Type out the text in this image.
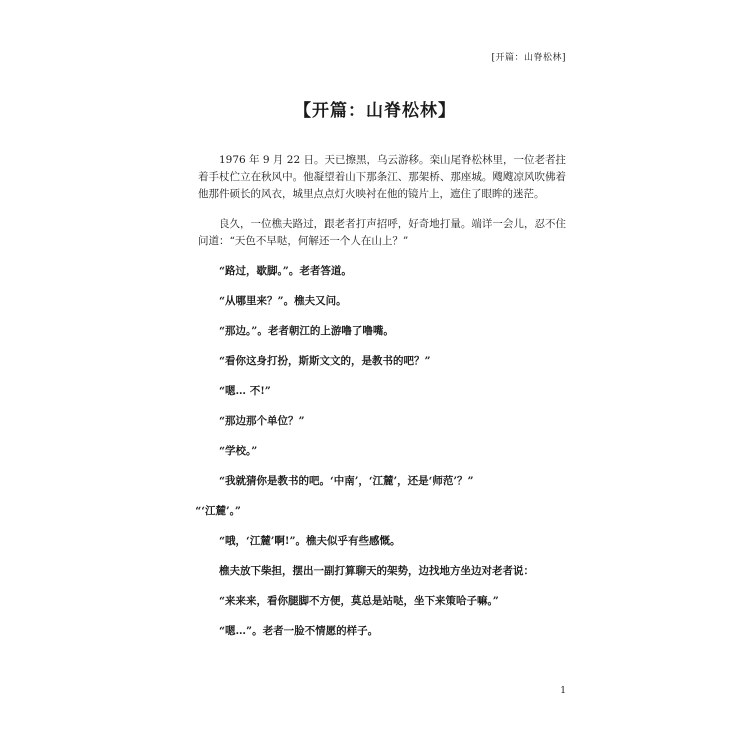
[开篇：山脊松林]
【开篇：山脊松林】

1976 年 9 月 22 日。天已擦黑，乌云游移。栾山尾脊松林里，一位老者拄着手杖伫立在秋风中。他凝望着山下那条江、那架桥、那座城。飕飕凉风吹佛着他那件硕长的风衣，城里点点灯火映衬在他的镜片上，遮住了眼眸的迷茫。

良久，一位樵夫路过，跟老者打声招呼，好奇地打量。端详一会儿，忍不住问道：“天色不早哒，何解还一个人在山上？”

“路过，歇脚。”。老者答道。

“从哪里来？”。樵夫又问。

“那边。”。老者朝江的上游噜了噜嘴。

“看你这身打扮，斯斯文文的，是教书的吧？”

“嗯… 不!”

“那边那个单位？”

“学校。”

“我就猜你是教书的吧。‘中南’，‘江麓’，还是‘师范’？”

“‘江麓’。”

“哦，‘江麓’啊!”。樵夫似乎有些感慨。

樵夫放下柴担，摆出一副打算聊天的架势，边找地方坐边对老者说：

“来来来，看你腿脚不方便，莫总是站哒，坐下来策哈子嘛。”

“嗯…”。老者一脸不情愿的样子。

1
